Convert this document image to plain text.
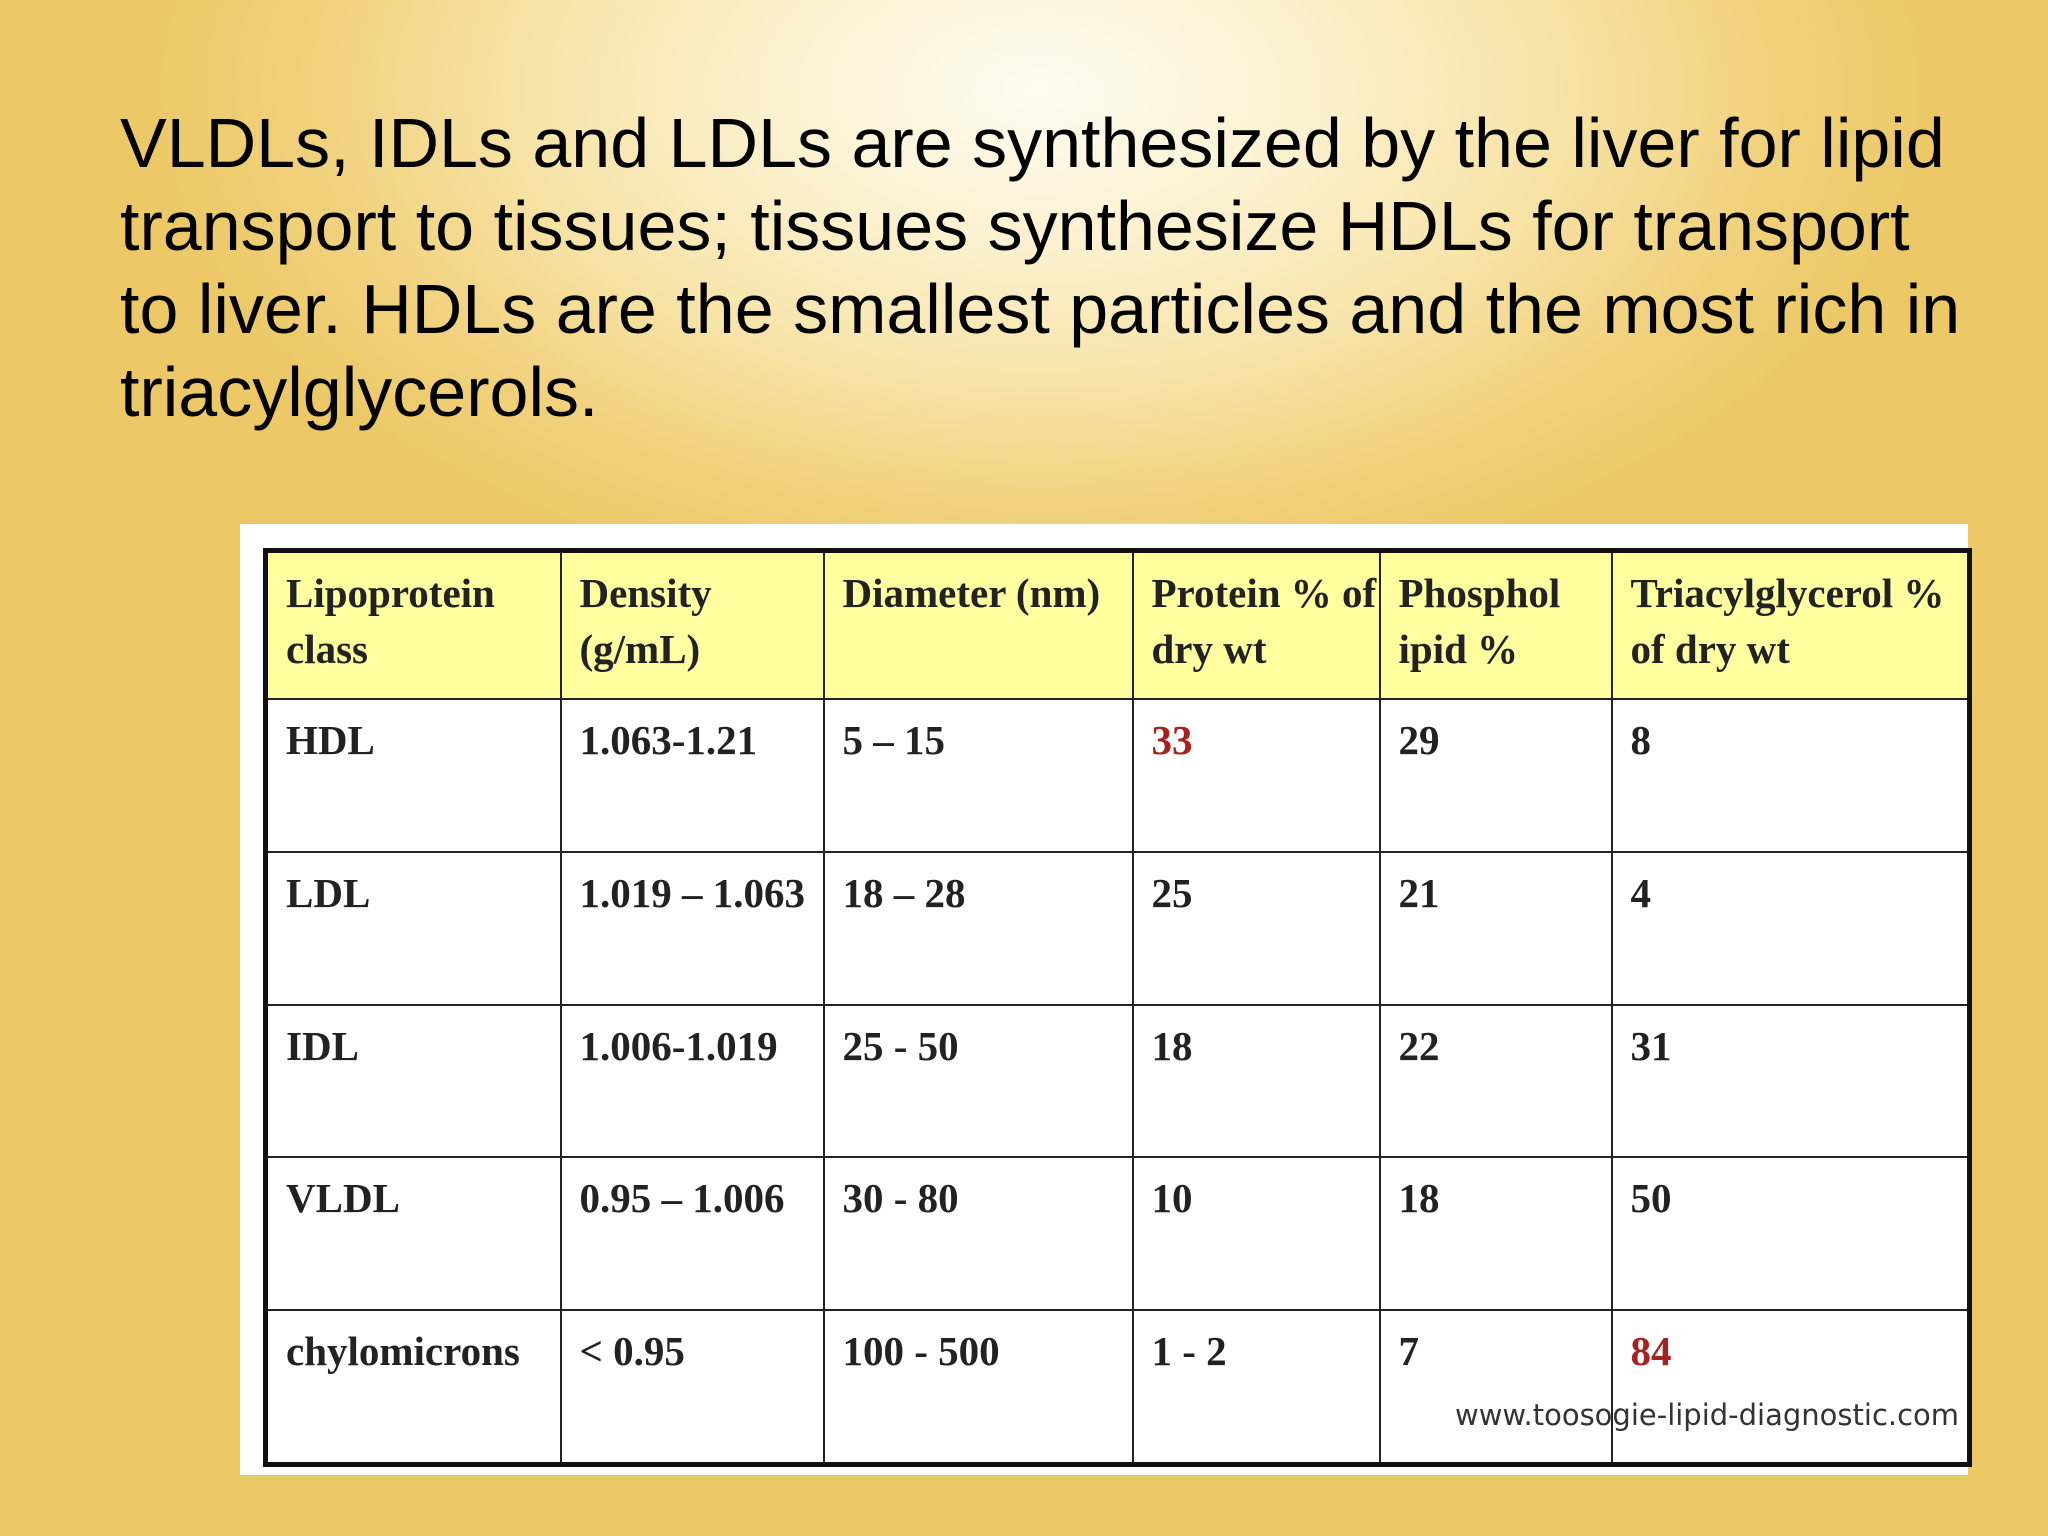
VLDLs, IDLs and LDLs are synthesized by the liver for lipid transport to tissues; tissues synthesize HDLs for transport to liver. HDLs are the smallest particles and the most rich in triacylglycerols.

Lipoprotein class	Density (g/mL)	Diameter (nm)	Protein % of dry wt	Phosphol ipid %	Triacylglycerol % of dry wt
HDL	1.063-1.21	5 – 15	33	29	8
LDL	1.019 – 1.063	18 – 28	25	21	4
IDL	1.006-1.019	25 - 50	18	22	31
VLDL	0.95 – 1.006	30 - 80	10	18	50
chylomicrons	< 0.95	100 - 500	1 - 2	7	84
www.toosogie-lipid-diagnostic.com
